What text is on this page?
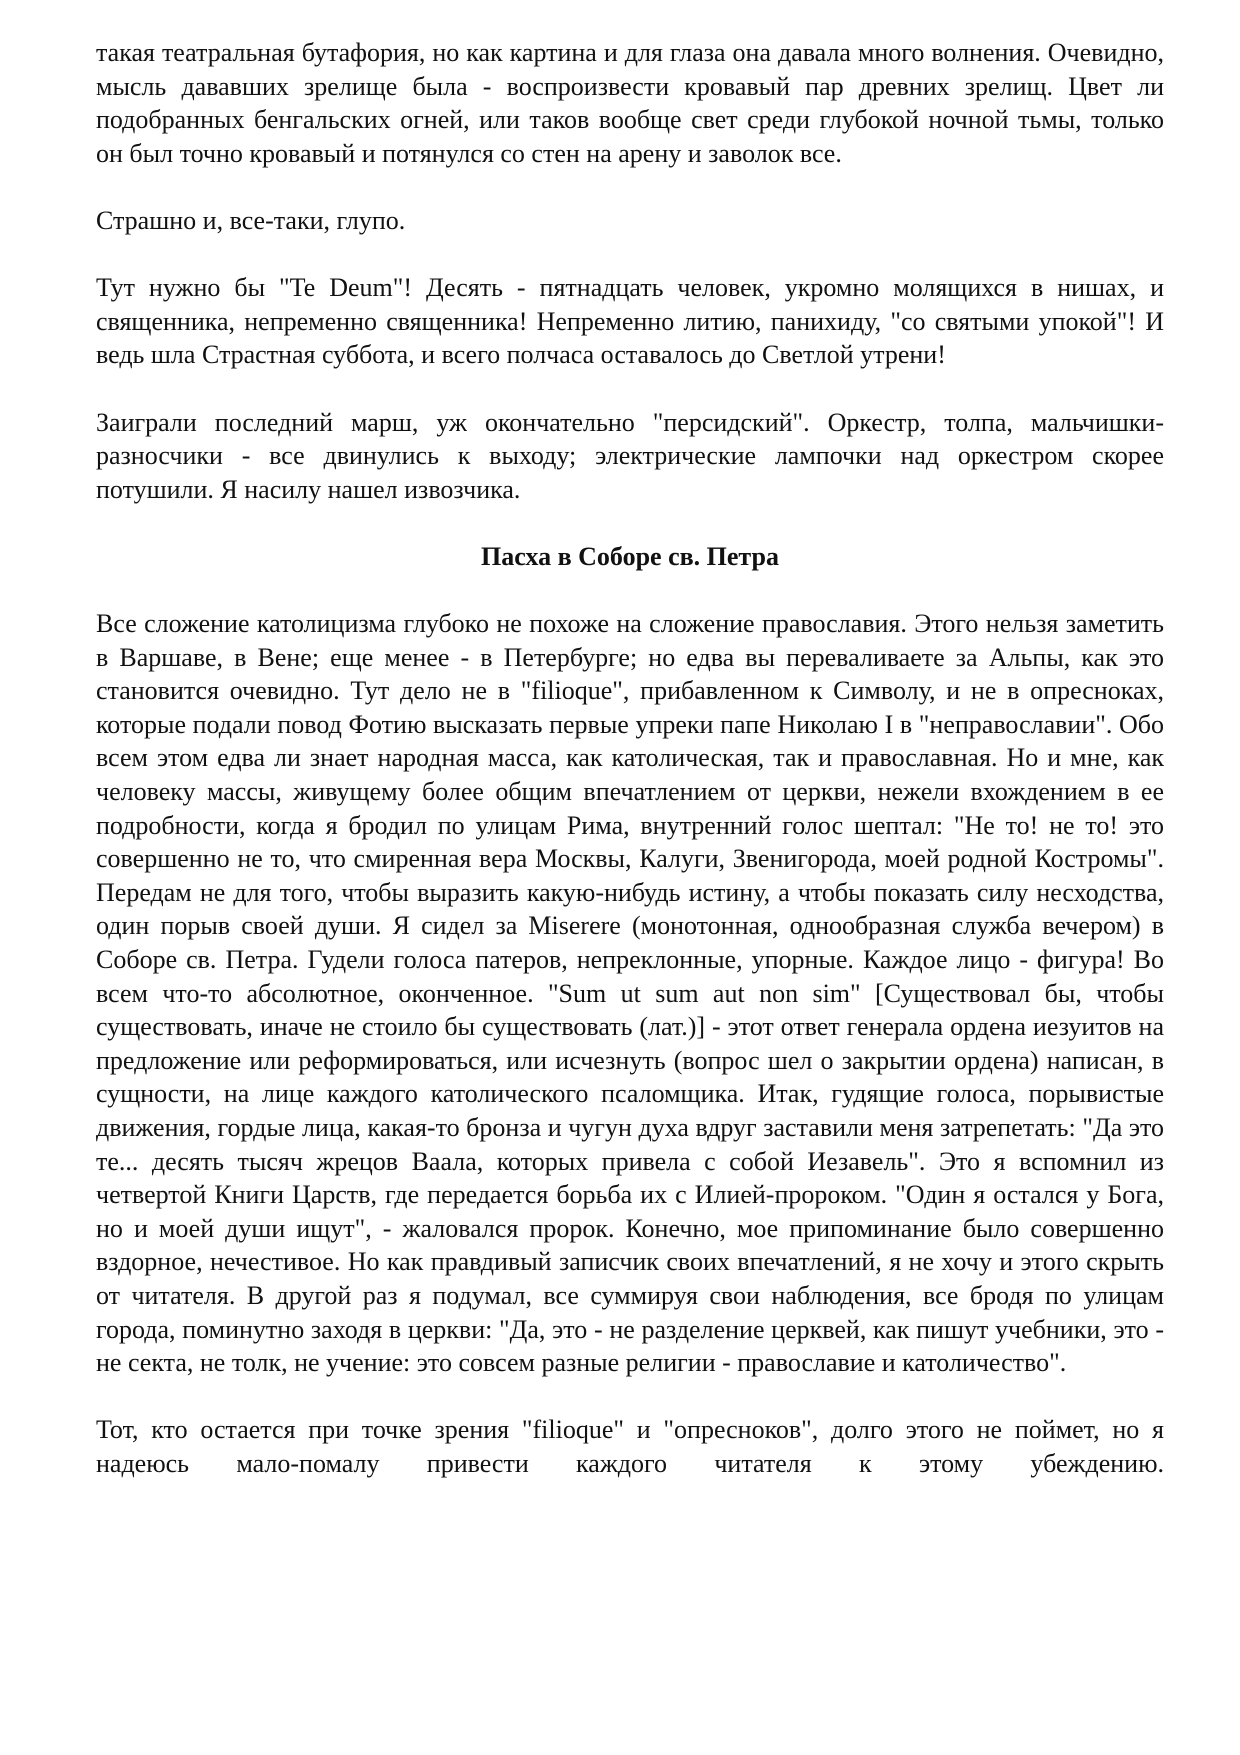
такая театральная бутафория, но как картина и для глаза она давала много волнения. Очевидно, мысль дававших зрелище была - воспроизвести кровавый пар древних зрелищ. Цвет ли подобранных бенгальских огней, или таков вообще свет среди глубокой ночной тьмы, только он был точно кровавый и потянулся со стен на арену и заволок все.

Страшно и, все-таки, глупо.

Тут нужно бы "Te Deum"! Десять - пятнадцать человек, укромно молящихся в нишах, и священника, непременно священника! Непременно литию, панихиду, "со святыми упокой"! И ведь шла Страстная суббота, и всего полчаса оставалось до Светлой утрени!

Заиграли последний марш, уж окончательно "персидский". Оркестр, толпа, мальчишки-разносчики - все двинулись к выходу; электрические лампочки над оркестром скорее потушили. Я насилу нашел извозчика.

Пасха в Соборе св. Петра

Все сложение католицизма глубоко не похоже на сложение православия. Этого нельзя заметить в Варшаве, в Вене; еще менее - в Петербурге; но едва вы переваливаете за Альпы, как это становится очевидно. Тут дело не в "filioque", прибавленном к Символу, и не в опресноках, которые подали повод Фотию высказать первые упреки папе Николаю I в "неправославии". Обо всем этом едва ли знает народная масса, как католическая, так и православная. Но и мне, как человеку массы, живущему более общим впечатлением от церкви, нежели вхождением в ее подробности, когда я бродил по улицам Рима, внутренний голос шептал: "Не то! не то! это совершенно не то, что смиренная вера Москвы, Калуги, Звенигорода, моей родной Костромы". Передам не для того, чтобы выразить какую-нибудь истину, а чтобы показать силу несходства, один порыв своей души. Я сидел за Miserere (монотонная, однообразная служба вечером) в Соборе св. Петра. Гудели голоса патеров, непреклонные, упорные. Каждое лицо - фигура! Во всем что-то абсолютное, оконченное. "Sum ut sum aut non sim" [Существовал бы, чтобы существовать, иначе не стоило бы существовать (лат.)] - этот ответ генерала ордена иезуитов на предложение или реформироваться, или исчезнуть (вопрос шел о закрытии ордена) написан, в сущности, на лице каждого католического псаломщика. Итак, гудящие голоса, порывистые движения, гордые лица, какая-то бронза и чугун духа вдруг заставили меня затрепетать: "Да это те... десять тысяч жрецов Ваала, которых привела с собой Иезавель". Это я вспомнил из четвертой Книги Царств, где передается борьба их с Илией-пророком. "Один я остался у Бога, но и моей души ищут", - жаловался пророк. Конечно, мое припоминание было совершенно вздорное, нечестивое. Но как правдивый записчик своих впечатлений, я не хочу и этого скрыть от читателя. В другой раз я подумал, все суммируя свои наблюдения, все бродя по улицам города, поминутно заходя в церкви: "Да, это - не разделение церквей, как пишут учебники, это - не секта, не толк, не учение: это совсем разные религии - православие и католичество".

Тот, кто остается при точке зрения "filioque" и "опресноков", долго этого не поймет, но я надеюсь мало-помалу привести каждого читателя к этому убеждению.
